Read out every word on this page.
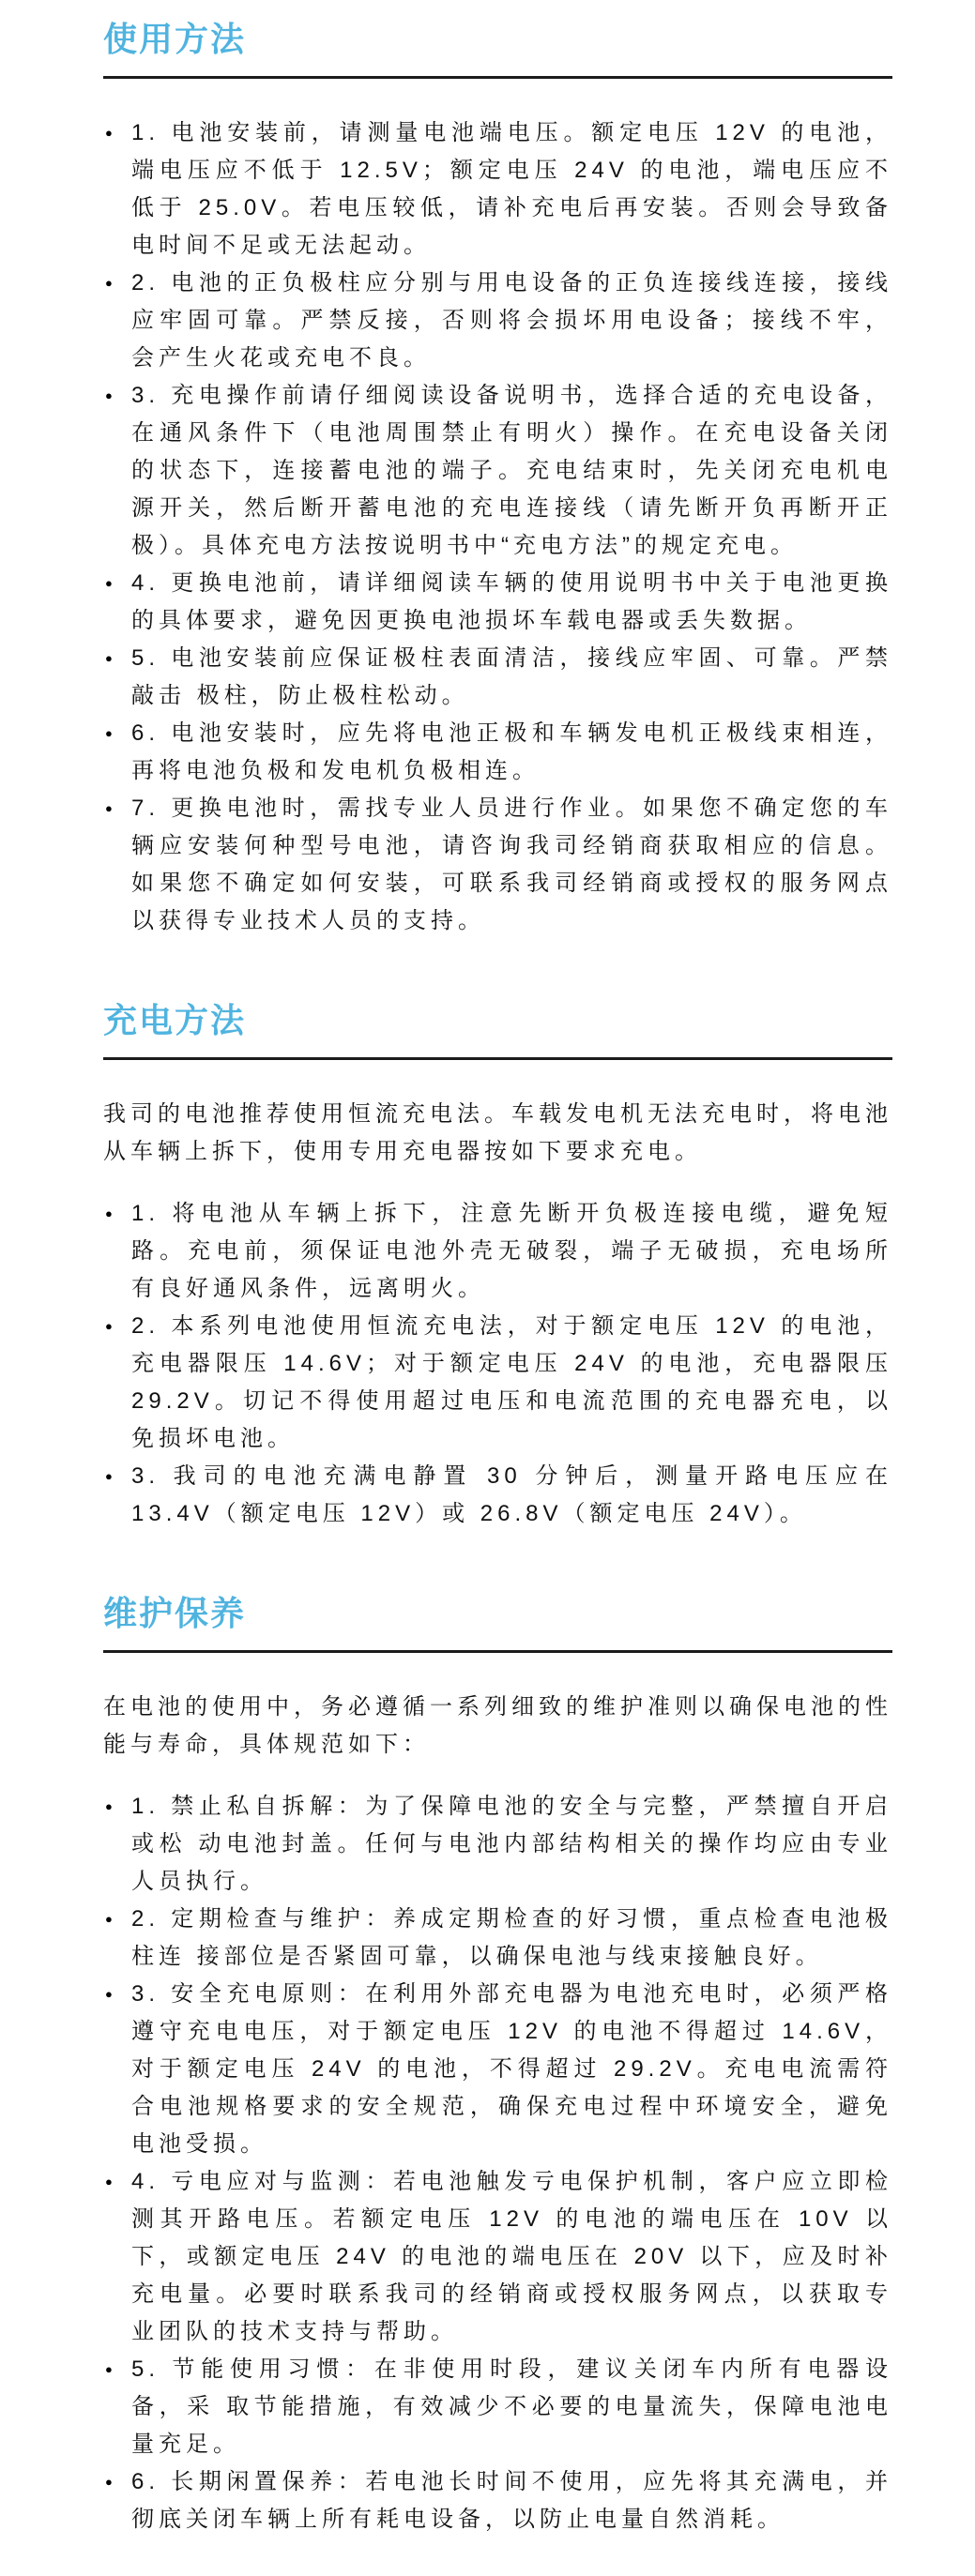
使用方法
● 1. 电池安装前，请测量电池端电压。额定电压 12V 的电池，端电压应不低于 12.5V；额定电压 24V 的电池，端电压应不低于 25.0V。若电压较低，请补充电后再安装。否则会导致备电时间不足或无法起动。
● 2. 电池的正负极柱应分别与用电设备的正负连接线连接，接线应牢固可靠。严禁反接，否则将会损坏用电设备；接线不牢，会产生火花或充电不良。
● 3. 充电操作前请仔细阅读设备说明书，选择合适的充电设备，在通风条件下（电池周围禁止有明火）操作。在充电设备关闭的状态下，连接蓄电池的端子。充电结束时，先关闭充电机电源开关，然后断开蓄电池的充电连接线（请先断开负再断开正极）。具体充电方法按说明书中“充电方法”的规定充电。
● 4. 更换电池前，请详细阅读车辆的使用说明书中关于电池更换的具体要求，避免因更换电池损坏车载电器或丢失数据。
● 5. 电池安装前应保证极柱表面清洁，接线应牢固、可靠。严禁敲击 极柱，防止极柱松动。
● 6. 电池安装时，应先将电池正极和车辆发电机正极线束相连，再将电池负极和发电机负极相连。
● 7. 更换电池时，需找专业人员进行作业。如果您不确定您的车辆应安装何种型号电池，请咨询我司经销商获取相应的信息。如果您不确定如何安装，可联系我司经销商或授权的服务网点以获得专业技术人员的支持。
充电方法

我司的电池推荐使用恒流充电法。车载发电机无法充电时，将电池从车辆上拆下，使用专用充电器按如下要求充电。

● 1. 将电池从车辆上拆下，注意先断开负极连接电缆，避免短路。充电前，须保证电池外壳无破裂，端子无破损，充电场所有良好通风条件，远离明火。
● 2. 本系列电池使用恒流充电法，对于额定电压 12V 的电池，充电器限压 14.6V；对于额定电压 24V 的电池，充电器限压 29.2V。切记不得使用超过电压和电流范围的充电器充电，以免损坏电池。
● 3. 我司的电池充满电静置 30 分钟后，测量开路电压应在 13.4V（额定电压 12V）或 26.8V（额定电压 24V）。
维护保养

在电池的使用中，务必遵循一系列细致的维护准则以确保电池的性能与寿命，具体规范如下：

● 1. 禁止私自拆解：为了保障电池的安全与完整，严禁擅自开启或松 动电池封盖。任何与电池内部结构相关的操作均应由专业人员执行。
● 2. 定期检查与维护：养成定期检查的好习惯，重点检查电池极柱连 接部位是否紧固可靠，以确保电池与线束接触良好。
● 3. 安全充电原则：在利用外部充电器为电池充电时，必须严格遵守充电电压，对于额定电压 12V 的电池不得超过 14.6V，对于额定电压 24V 的电池，不得超过 29.2V。充电电流需符合电池规格要求的安全规范，确保充电过程中环境安全，避免电池受损。
● 4. 亏电应对与监测：若电池触发亏电保护机制，客户应立即检测其开路电压。若额定电压 12V 的电池的端电压在 10V 以下，或额定电压 24V 的电池的端电压在 20V 以下，应及时补充电量。必要时联系我司的经销商或授权服务网点，以获取专业团队的技术支持与帮助。
● 5. 节能使用习惯：在非使用时段，建议关闭车内所有电器设备，采 取节能措施，有效减少不必要的电量流失，保障电池电量充足。
● 6. 长期闲置保养：若电池长时间不使用，应先将其充满电，并彻底关闭车辆上所有耗电设备，以防止电量自然消耗。
